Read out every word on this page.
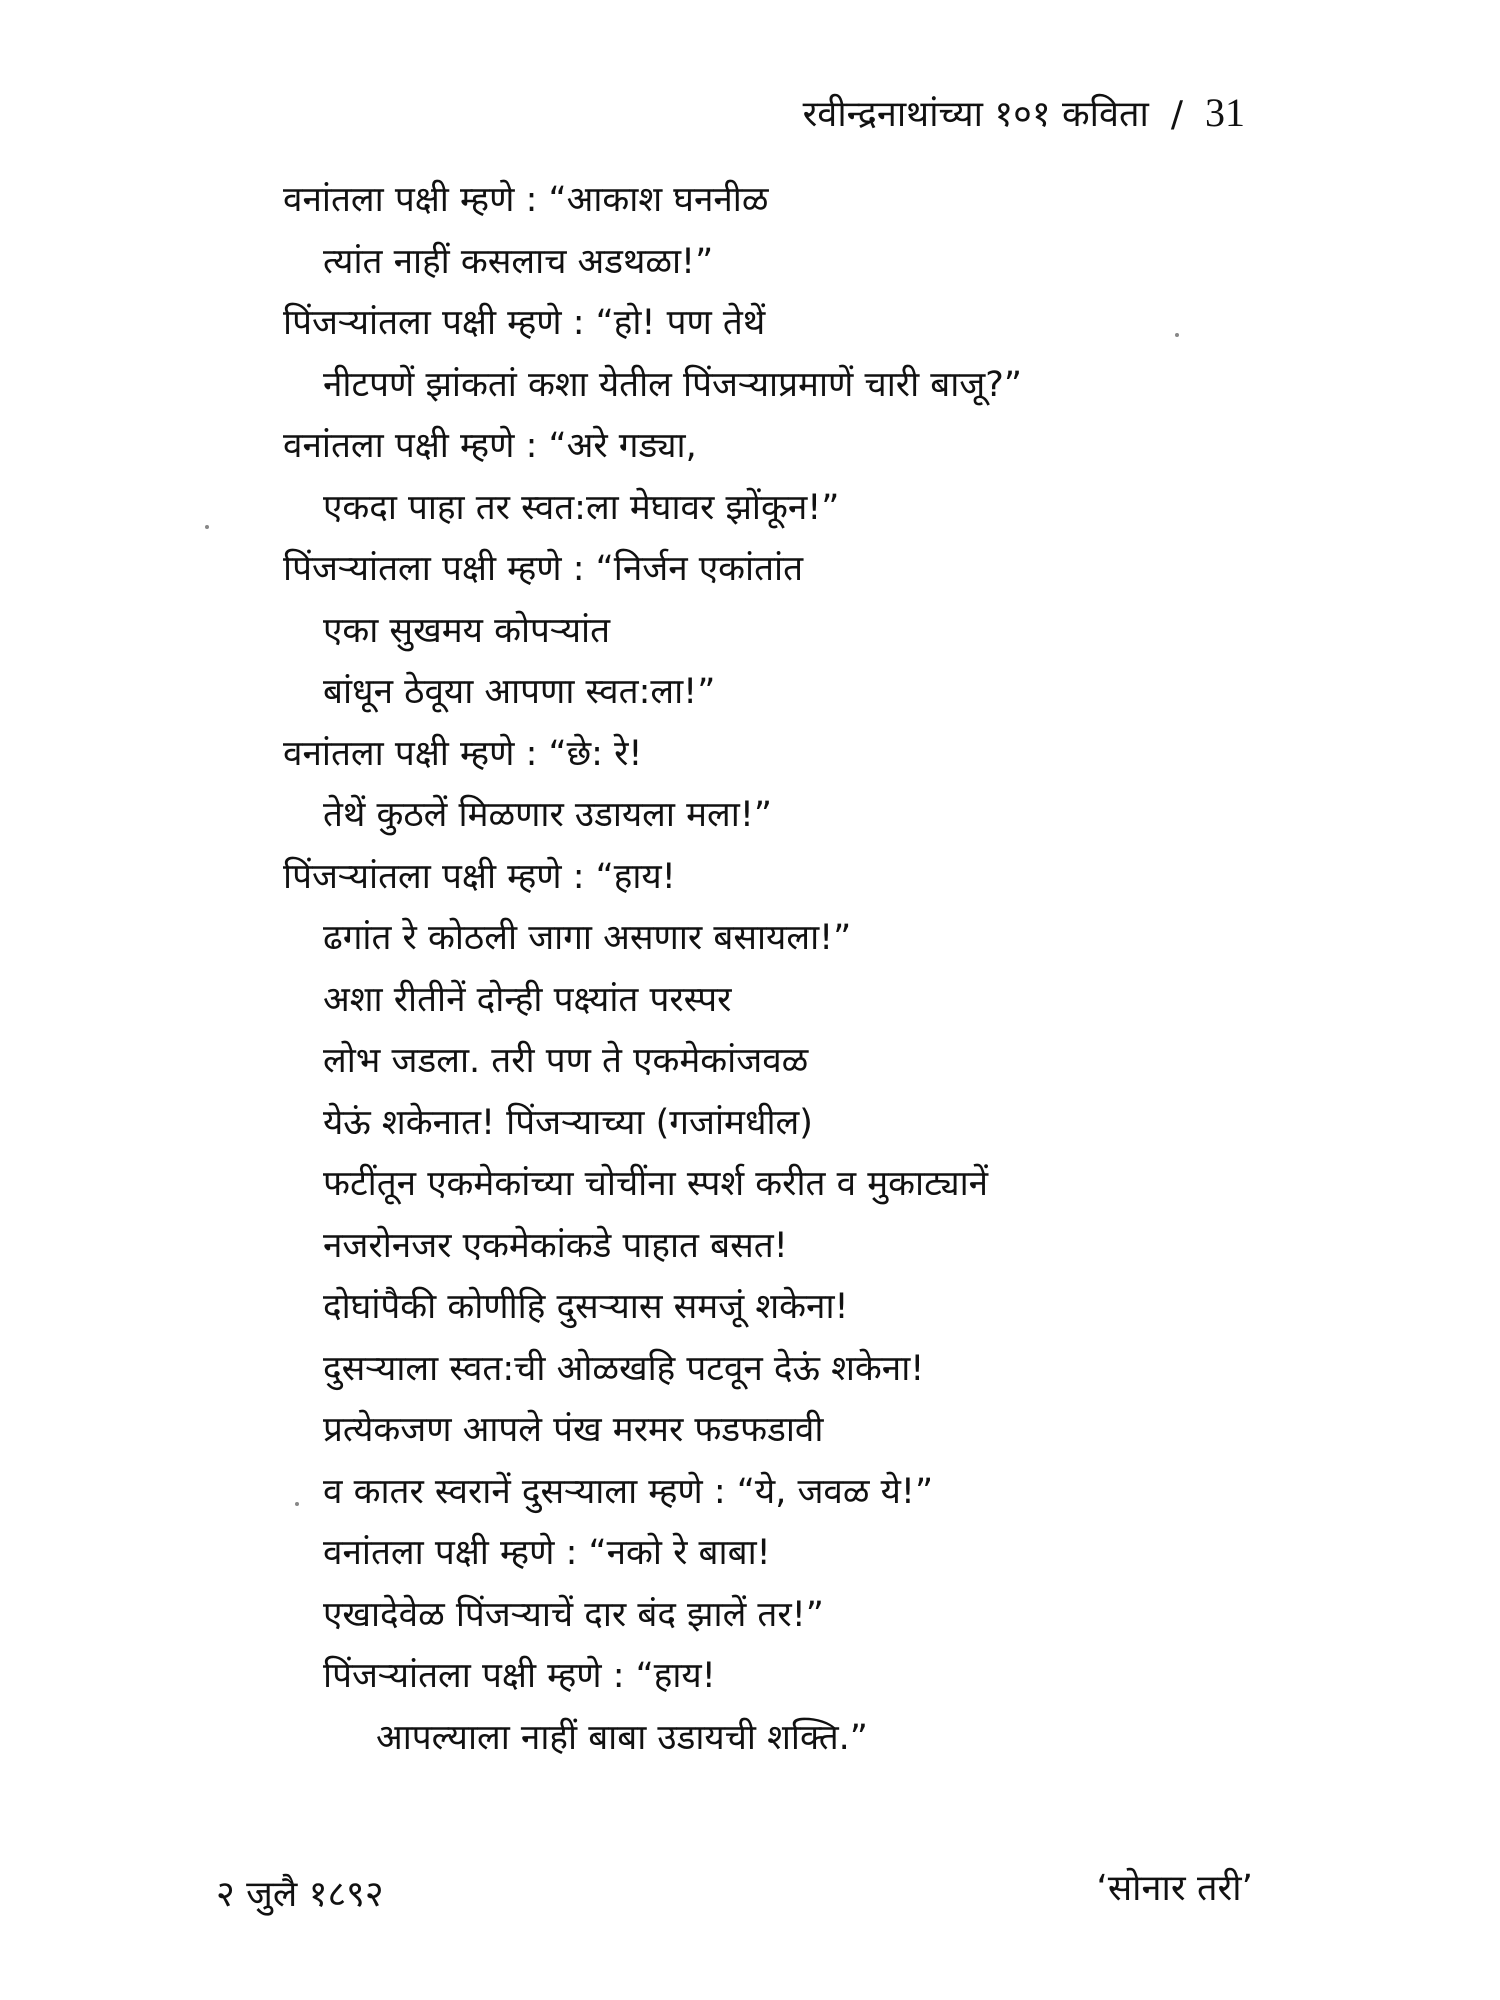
रवीन्द्रनाथांच्या १०१ कविता / 31
वनांतला पक्षी म्हणे : “आकाश घननीळ
त्यांत नाहीं कसलाच अडथळा!”
पिंजऱ्यांतला पक्षी म्हणे : “हो! पण तेथें
नीटपणें झांकतां कशा येतील पिंजऱ्याप्रमाणें चारी बाजू?”
वनांतला पक्षी म्हणे : “अरे गड्या,
एकदा पाहा तर स्वत:ला मेघावर झोंकून!”
पिंजऱ्यांतला पक्षी म्हणे : “निर्जन एकांतांत
एका सुखमय कोपऱ्यांत
बांधून ठेवूया आपणा स्वत:ला!”
वनांतला पक्षी म्हणे : “छे: रे!
तेथें कुठलें मिळणार उडायला मला!”
पिंजऱ्यांतला पक्षी म्हणे : “हाय!
ढगांत रे कोठली जागा असणार बसायला!”
अशा रीतीनें दोन्ही पक्ष्यांत परस्पर
लोभ जडला. तरी पण ते एकमेकांजवळ
येऊं शकेनात! पिंजऱ्याच्या (गजांमधील)
फटींतून एकमेकांच्या चोचींना स्पर्श करीत व मुकाट्यानें
नजरोनजर एकमेकांकडे पाहात बसत!
दोघांपैकी कोणीहि दुसऱ्यास समजूं शकेना!
दुसऱ्याला स्वत:ची ओळखहि पटवून देऊं शकेना!
प्रत्येकजण आपले पंख मरमर फडफडावी
व कातर स्वरानें दुसऱ्याला म्हणे : “ये, जवळ ये!”
वनांतला पक्षी म्हणे : “नको रे बाबा!
एखादेवेळ पिंजऱ्याचें दार बंद झालें तर!”
पिंजऱ्यांतला पक्षी म्हणे : “हाय!
आपल्याला नाहीं बाबा उडायची शक्ति.”
२ जुलै १८९२	‘सोनार तरी’
